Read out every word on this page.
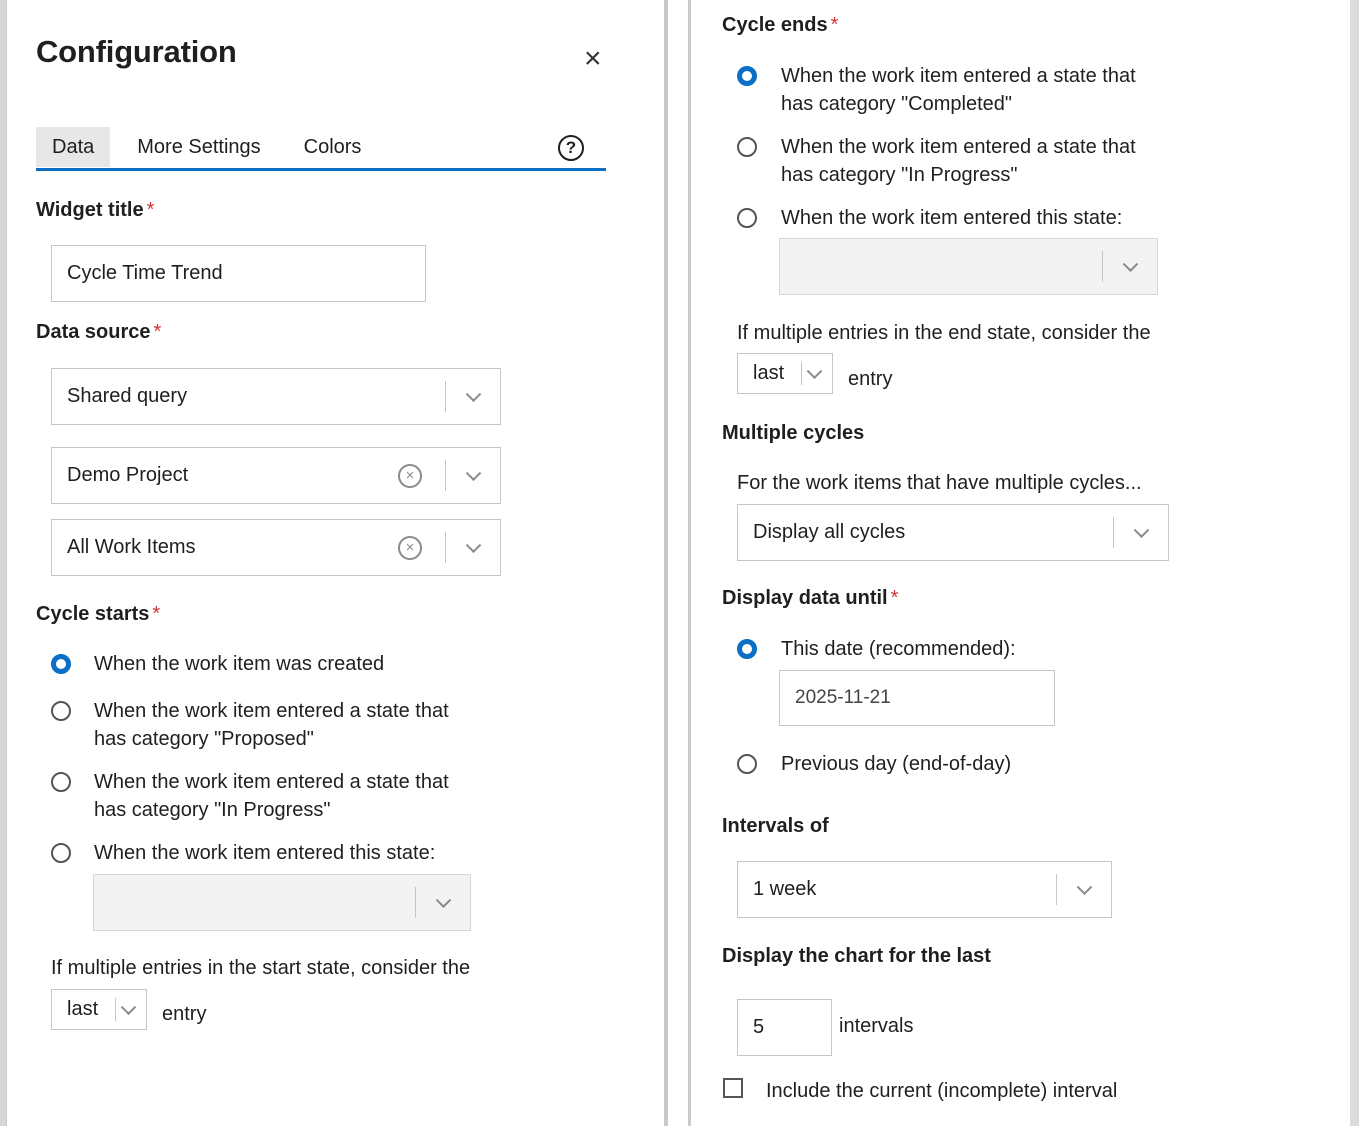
Configuration	×
Data	More Settings	Colors	?
Widget title *
Cycle Time Trend
Data source *
Shared query
Demo Project	×
All Work Items	×
Cycle starts *
When the work item was created
When the work item entered a state that
has category "Proposed"
When the work item entered a state that
has category "In Progress"
When the work item entered this state:
If multiple entries in the start state, consider the
last	entry
Cycle ends *
When the work item entered a state that
has category "Completed"
When the work item entered a state that
has category "In Progress"
When the work item entered this state:
If multiple entries in the end state, consider the
last	entry
Multiple cycles
For the work items that have multiple cycles...
Display all cycles
Display data until *
This date (recommended):
2025-11-21
Previous day (end-of-day)
Intervals of
1 week
Display the chart for the last
5	intervals
Include the current (incomplete) interval
